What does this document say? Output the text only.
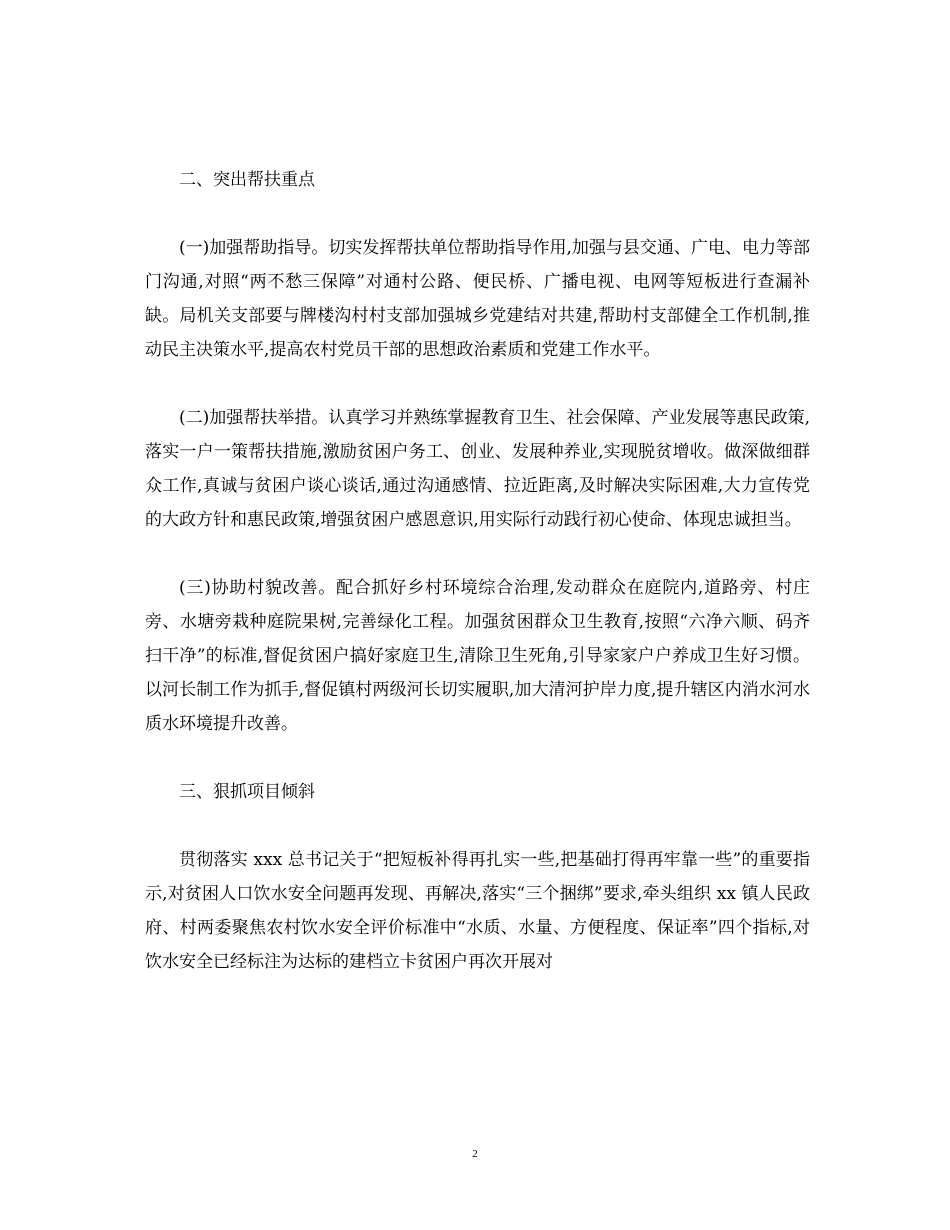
二、突出帮扶重点
(一)加强帮助指导。切实发挥帮扶单位帮助指导作用,加强与县交通、广电、电力等部门沟通,对照“两不愁三保障”对通村公路、便民桥、广播电视、电网等短板进行查漏补缺。局机关支部要与牌楼沟村村支部加强城乡党建结对共建,帮助村支部健全工作机制,推动民主决策水平,提高农村党员干部的思想政治素质和党建工作水平。
(二)加强帮扶举措。认真学习并熟练掌握教育卫生、社会保障、产业发展等惠民政策,落实一户一策帮扶措施,激励贫困户务工、创业、发展种养业,实现脱贫增收。做深做细群众工作,真诚与贫困户谈心谈话,通过沟通感情、拉近距离,及时解决实际困难,大力宣传党的大政方针和惠民政策,增强贫困户感恩意识,用实际行动践行初心使命、体现忠诚担当。
(三)协助村貌改善。配合抓好乡村环境综合治理,发动群众在庭院内,道路旁、村庄旁、水塘旁栽种庭院果树,完善绿化工程。加强贫困群众卫生教育,按照“六净六顺、码齐扫干净”的标准,督促贫困户搞好家庭卫生,清除卫生死角,引导家家户户养成卫生好习惯。以河长制工作为抓手,督促镇村两级河长切实履职,加大清河护岸力度,提升辖区内消水河水质水环境提升改善。
三、狠抓项目倾斜
贯彻落实 xxx 总书记关于“把短板补得再扎实一些,把基础打得再牢靠一些”的重要指示,对贫困人口饮水安全问题再发现、再解决,落实“三个捆绑”要求,牵头组织 xx 镇人民政府、村两委聚焦农村饮水安全评价标准中“水质、水量、方便程度、保证率”四个指标,对饮水安全已经标注为达标的建档立卡贫困户再次开展对
2
